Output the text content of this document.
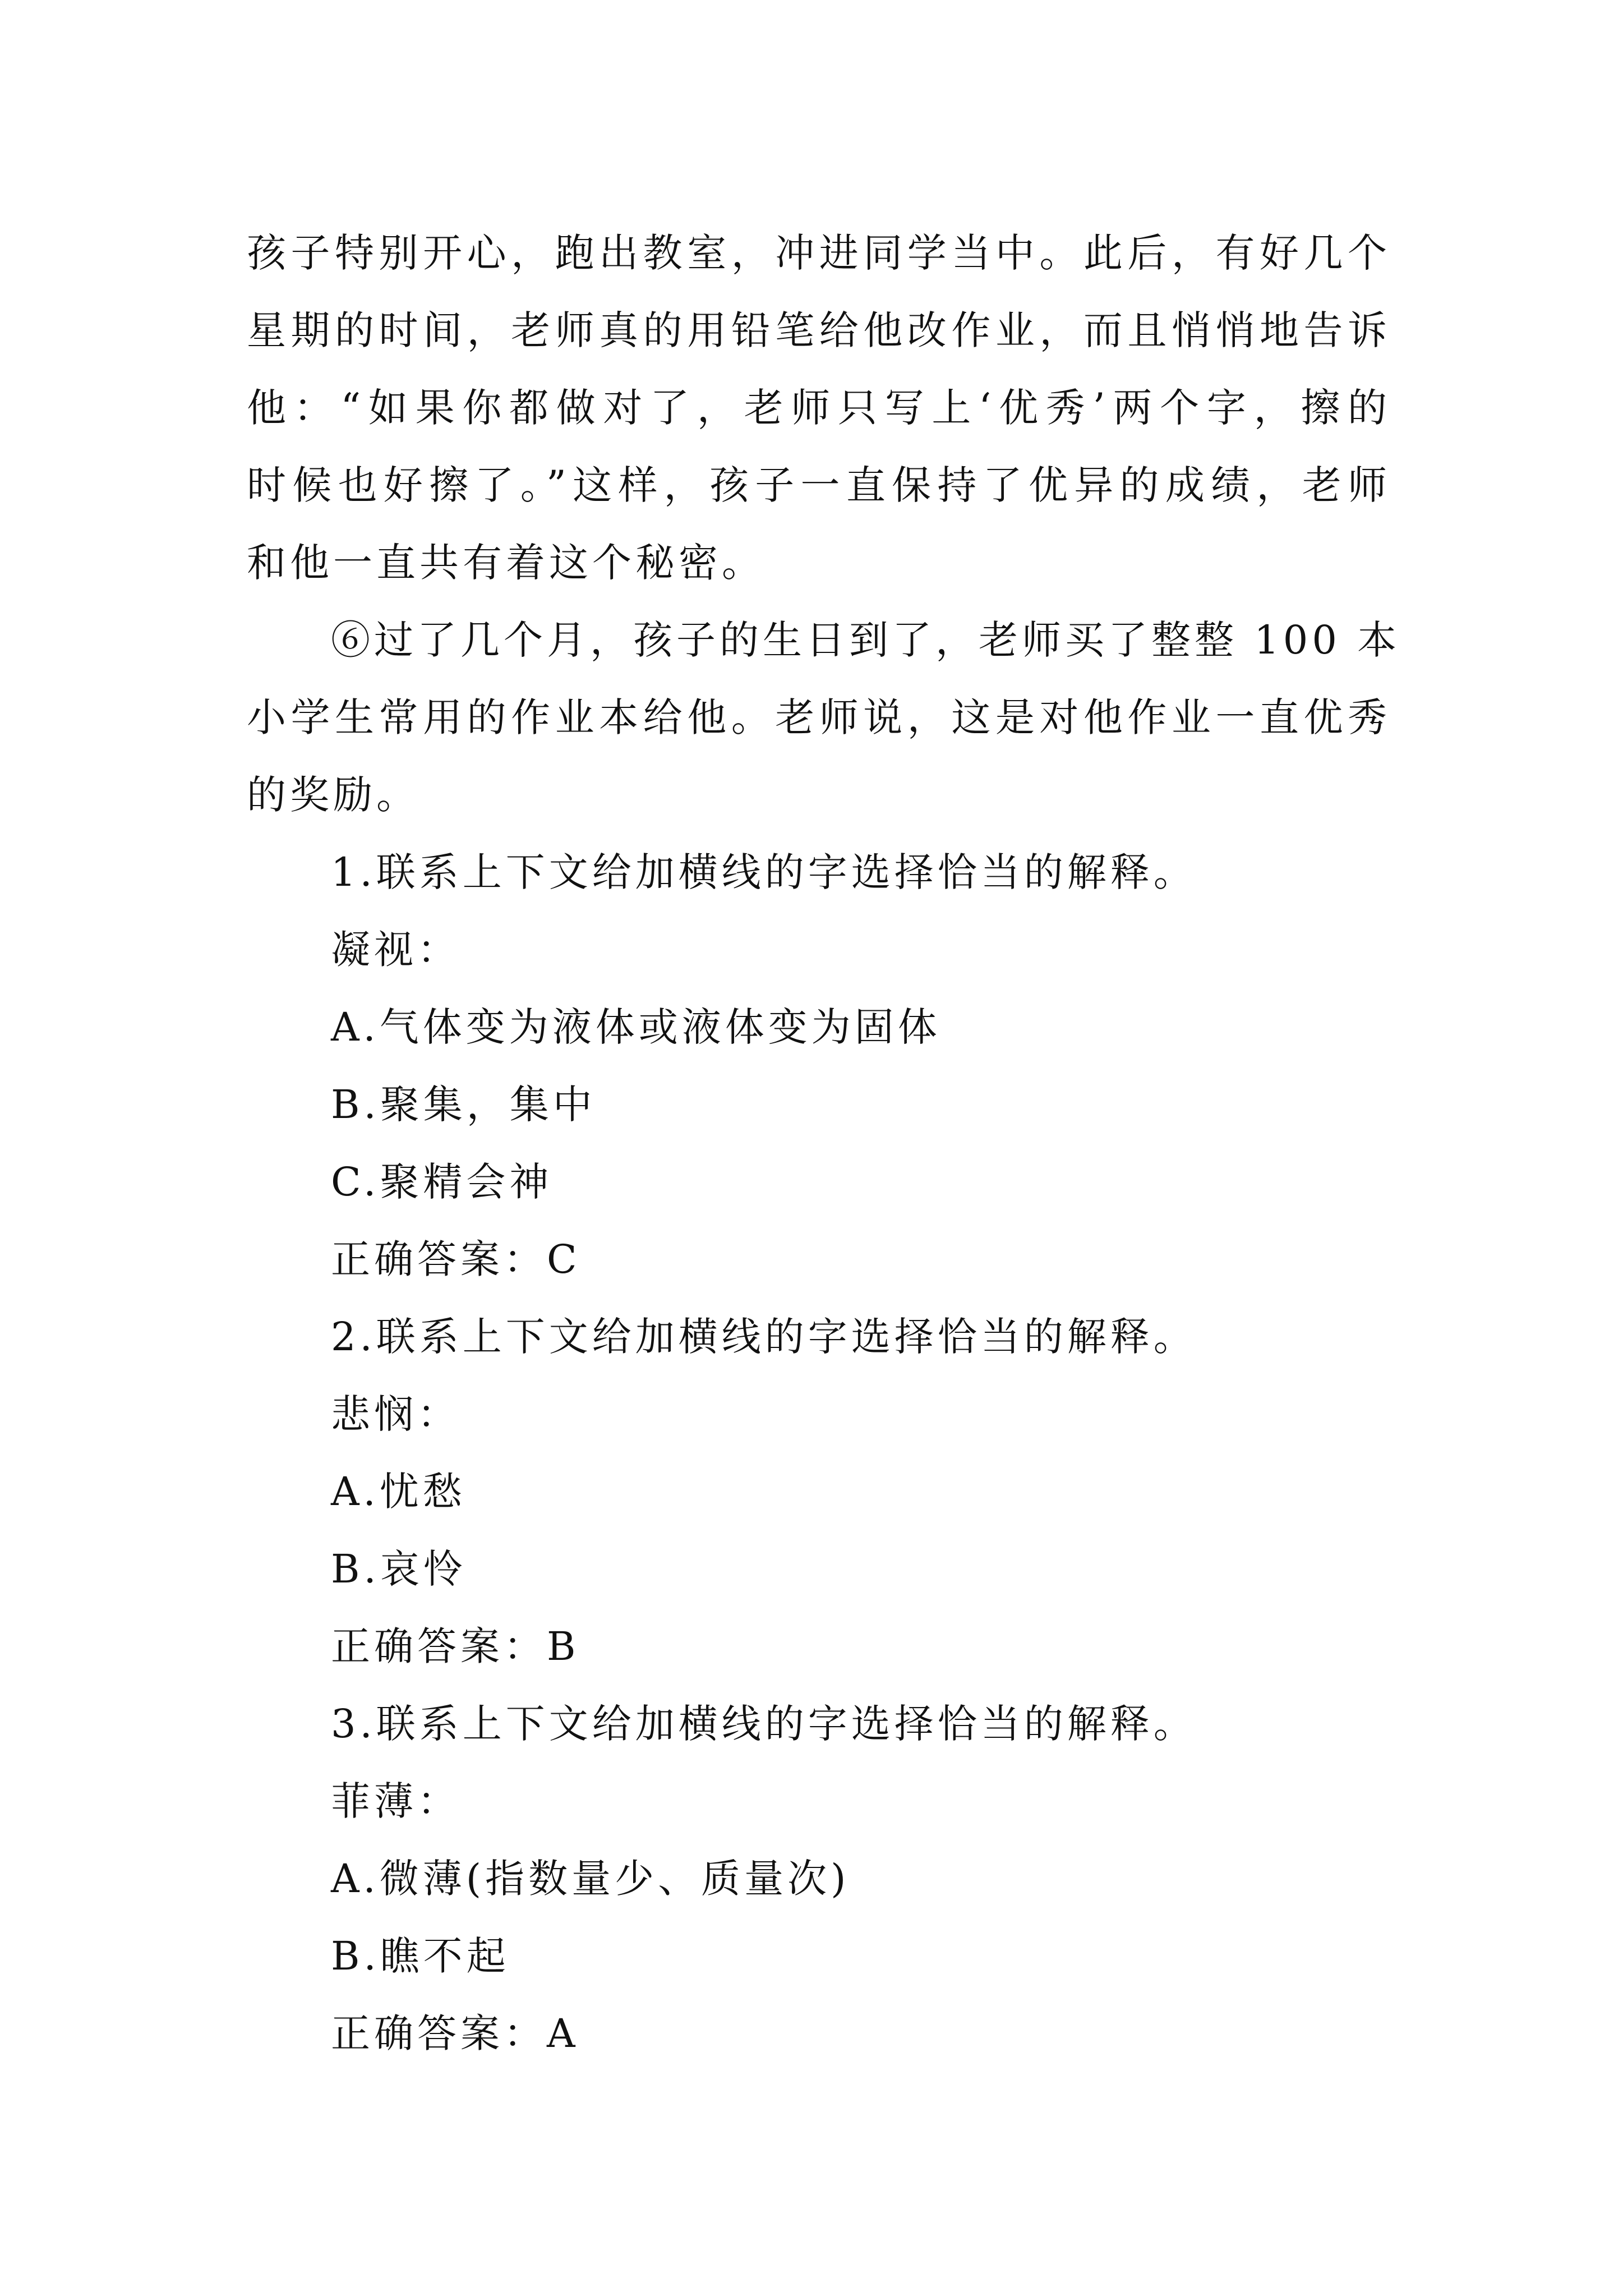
孩子特别开心，跑出教室，冲进同学当中。此后，有好几个
星期的时间，老师真的用铅笔给他改作业，而且悄悄地告诉
他：“如果你都做对了，老师只写上‘优秀’两个字，擦的
时候也好擦了。”这样，孩子一直保持了优异的成绩，老师
和他一直共有着这个秘密。
⑥过了几个月，孩子的生日到了，老师买了整整 100 本
小学生常用的作业本给他。老师说，这是对他作业一直优秀
的奖励。
1.联系上下文给加横线的字选择恰当的解释。
凝视：
A.气体变为液体或液体变为固体
B.聚集，集中
C.聚精会神
正确答案：C
2.联系上下文给加横线的字选择恰当的解释。
悲悯：
A.忧愁
B.哀怜
正确答案：B
3.联系上下文给加横线的字选择恰当的解释。
菲薄：
A.微薄(指数量少、质量次)
B.瞧不起
正确答案：A
